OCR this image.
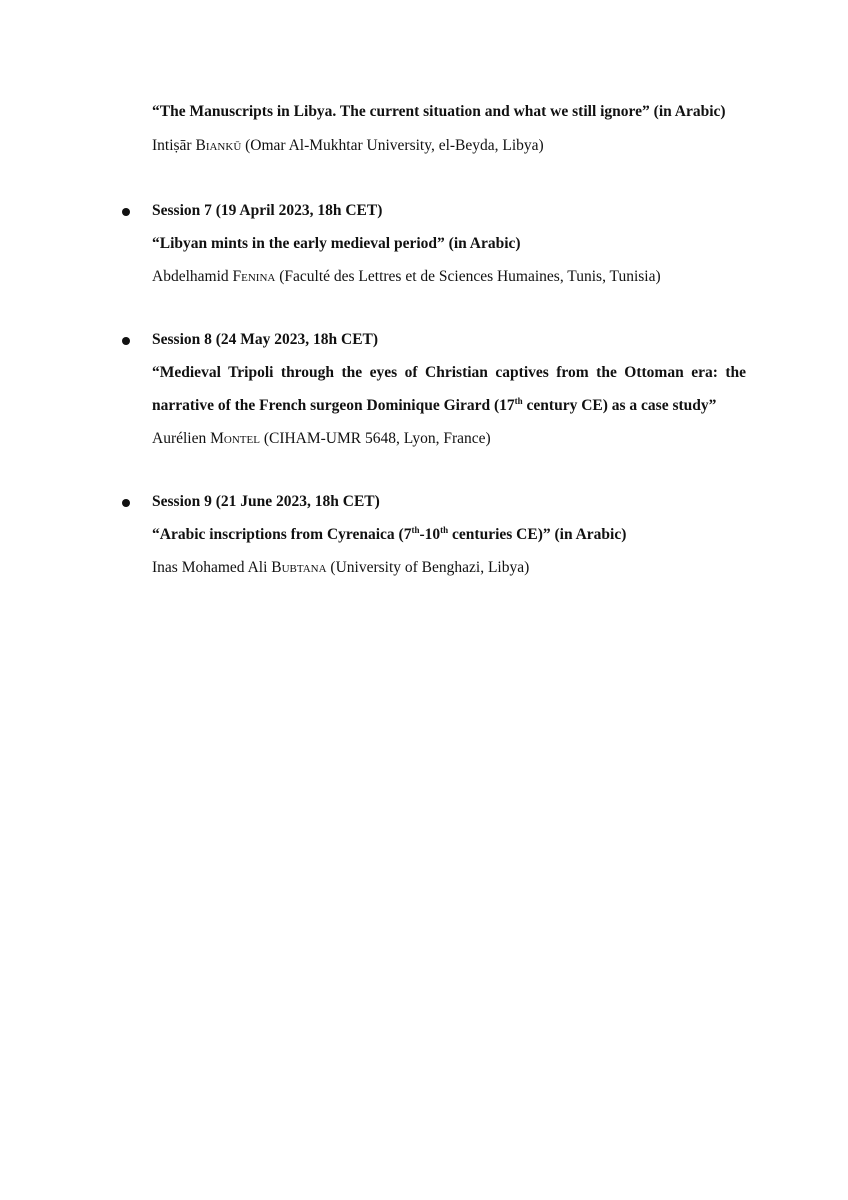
“The Manuscripts in Libya. The current situation and what we still ignore” (in Arabic)
Intiṣār Biankū (Omar Al-Mukhtar University, el-Beyda, Libya)
Session 7 (19 April 2023, 18h CET)
“Libyan mints in the early medieval period” (in Arabic)
Abdelhamid Fenina (Faculté des Lettres et de Sciences Humaines, Tunis, Tunisia)
Session 8 (24 May 2023, 18h CET)
“Medieval Tripoli through the eyes of Christian captives from the Ottoman era: the
narrative of the French surgeon Dominique Girard (17th century CE) as a case study”
Aurélien Montel (CIHAM-UMR 5648, Lyon, France)
Session 9 (21 June 2023, 18h CET)
“Arabic inscriptions from Cyrenaica (7th-10th centuries CE)” (in Arabic)
Inas Mohamed Ali Bubtana (University of Benghazi, Libya)
